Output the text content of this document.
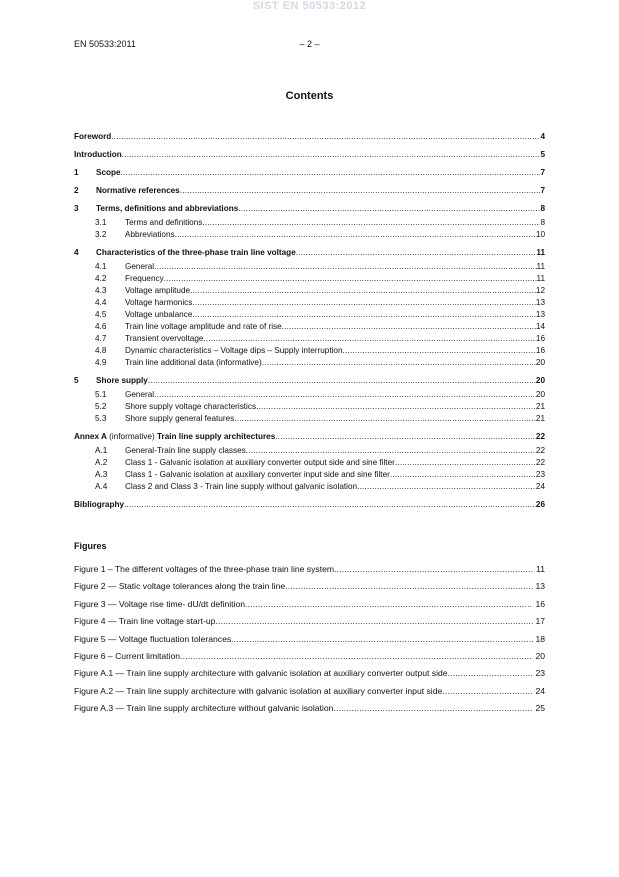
SIST EN 50533:2012
EN 50533:2011	– 2 –
Contents
Foreword .....	4
Introduction .....	5
1	Scope .....	7
2	Normative references .....	7
3	Terms, definitions and abbreviations .....	8
3.1	Terms and definitions .....	8
3.2	Abbreviations .....	10
4	Characteristics of the three-phase train line voltage .....	11
4.1	General .....	11
4.2	Frequency .....	11
4.3	Voltage amplitude .....	12
4.4	Voltage harmonics .....	13
4.5	Voltage unbalance .....	13
4.6	Train line voltage amplitude and rate of rise .....	14
4.7	Transient overvoltage .....	16
4.8	Dynamic characteristics – Voltage dips – Supply interruption .....	16
4.9	Train line additional data (informative) .....	20
5	Shore supply .....	20
5.1	General .....	20
5.2	Shore supply voltage characteristics .....	21
5.3	Shore supply general features .....	21
Annex A (informative) Train line supply architectures .....	22
A.1	General-Train line supply classes .....	22
A.2	Class 1 - Galvanic isolation at auxiliary converter output side and sine filter .....	22
A.3	Class 1 - Galvanic isolation at auxiliary converter input side and sine filter .....	23
A.4	Class 2 and Class 3 - Train line supply without galvanic isolation .....	24
Bibliography .....	26
Figures
Figure 1 – The different voltages of the three-phase train line system .....	11
Figure 2 — Static voltage tolerances along the train line .....	13
Figure 3 — Voltage rise time- dU/dt definition .....	16
Figure 4 — Train line voltage start-up .....	17
Figure 5 — Voltage fluctuation tolerances .....	18
Figure 6 – Current limitation .....	20
Figure A.1 — Train line supply architecture with galvanic isolation at auxiliary converter output side .....	23
Figure A.2 — Train line supply architecture with galvanic isolation at auxiliary converter input side .....	24
Figure A.3 — Train line supply architecture without galvanic isolation .....	25
